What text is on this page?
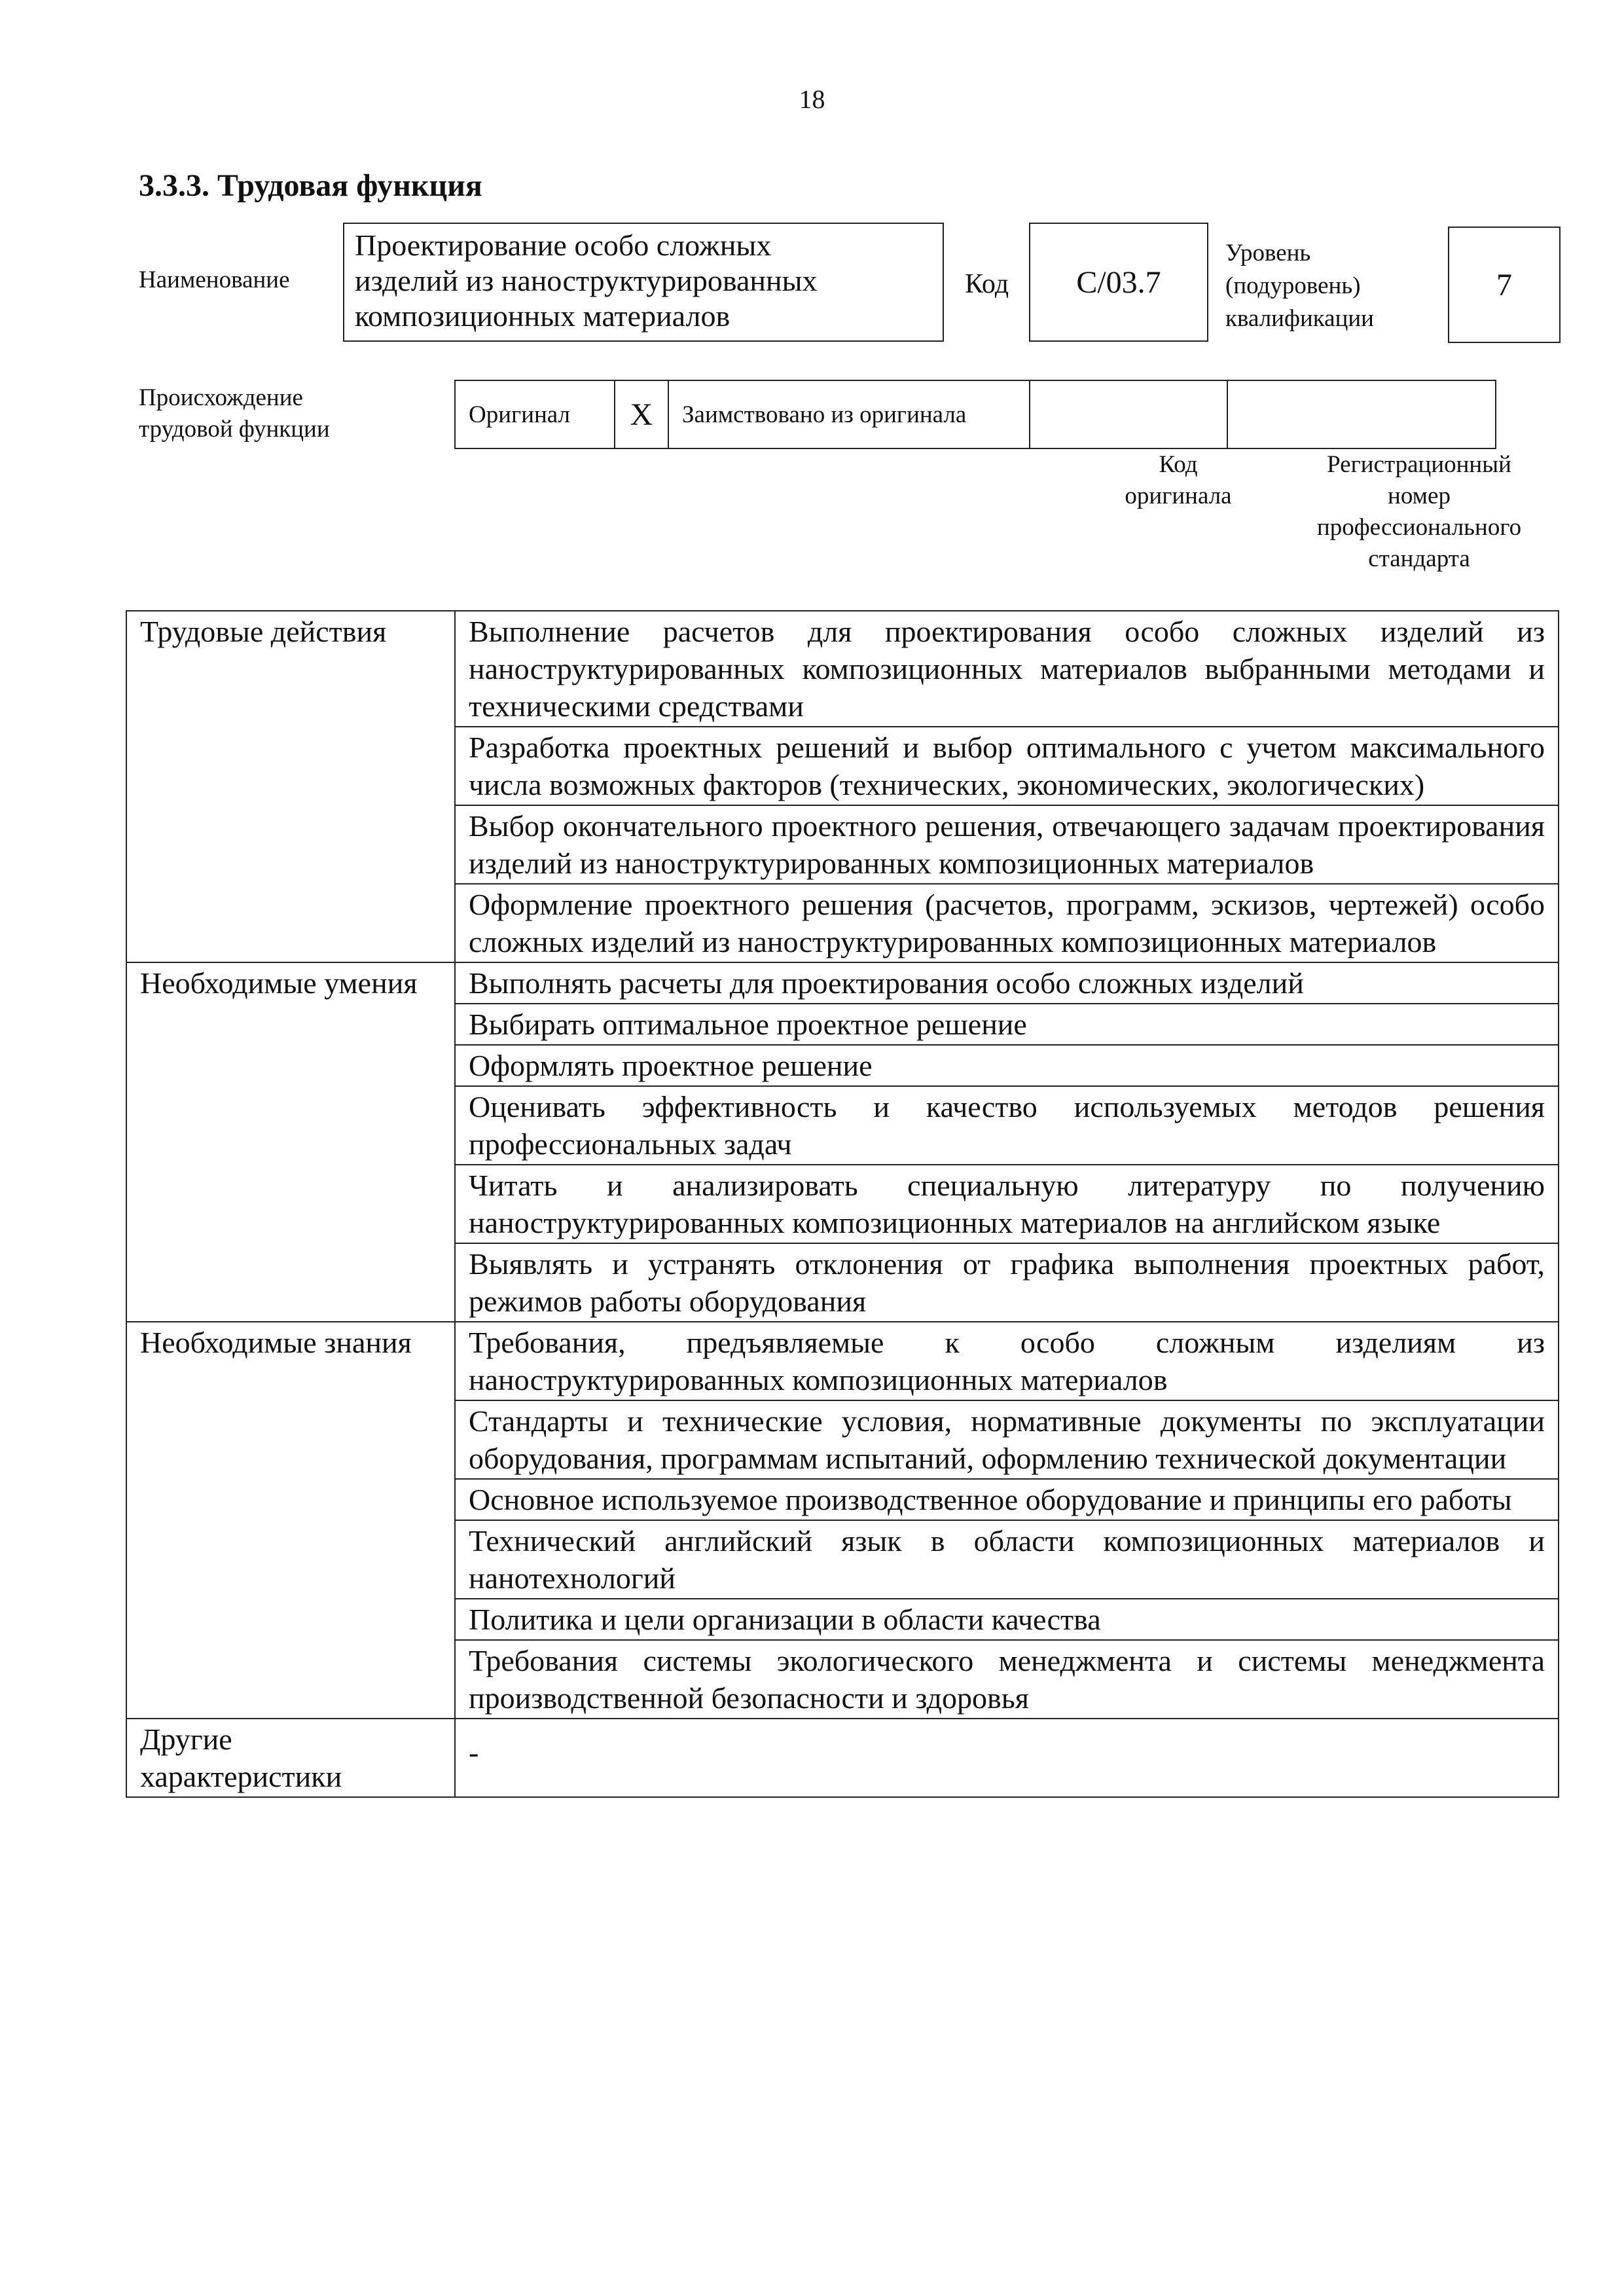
18
3.3.3. Трудовая функция
Наименование
Проектирование особо сложных
изделий из наноструктурированных
композиционных материалов
Код С/03.7
Уровень
(подуровень)
квалификации
7
Происхождение
трудовой функции
Оригинал	X	Заимствовано из оригинала		
Код
оригинала
Регистрационный
номер
профессионального
стандарта
Трудовые действия	Выполнение расчетов для проектирования особо сложных изделий из наноструктурированных композиционных материалов выбранными методами и техническими средствами
	Разработка проектных решений и выбор оптимального с учетом максимального числа возможных факторов (технических, экономических, экологических)
	Выбор окончательного проектного решения, отвечающего задачам проектирования изделий из наноструктурированных композиционных материалов
	Оформление проектного решения (расчетов, программ, эскизов, чертежей) особо сложных изделий из наноструктурированных композиционных материалов
Необходимые умения	Выполнять расчеты для проектирования особо сложных изделий
	Выбирать оптимальное проектное решение
	Оформлять проектное решение
	Оценивать эффективность и качество используемых методов решения профессиональных задач
	Читать и анализировать специальную литературу по получению наноструктурированных композиционных материалов на английском языке
	Выявлять и устранять отклонения от графика выполнения проектных работ, режимов работы оборудования
Необходимые знания	Требования, предъявляемые к особо сложным изделиям из наноструктурированных композиционных материалов
	Стандарты и технические условия, нормативные документы по эксплуатации оборудования, программам испытаний, оформлению технической документации
	Основное используемое производственное оборудование и принципы его работы
	Технический английский язык в области композиционных материалов и нанотехнологий
	Политика и цели организации в области качества
	Требования системы экологического менеджмента и системы менеджмента производственной безопасности и здоровья
Другие характеристики	-
